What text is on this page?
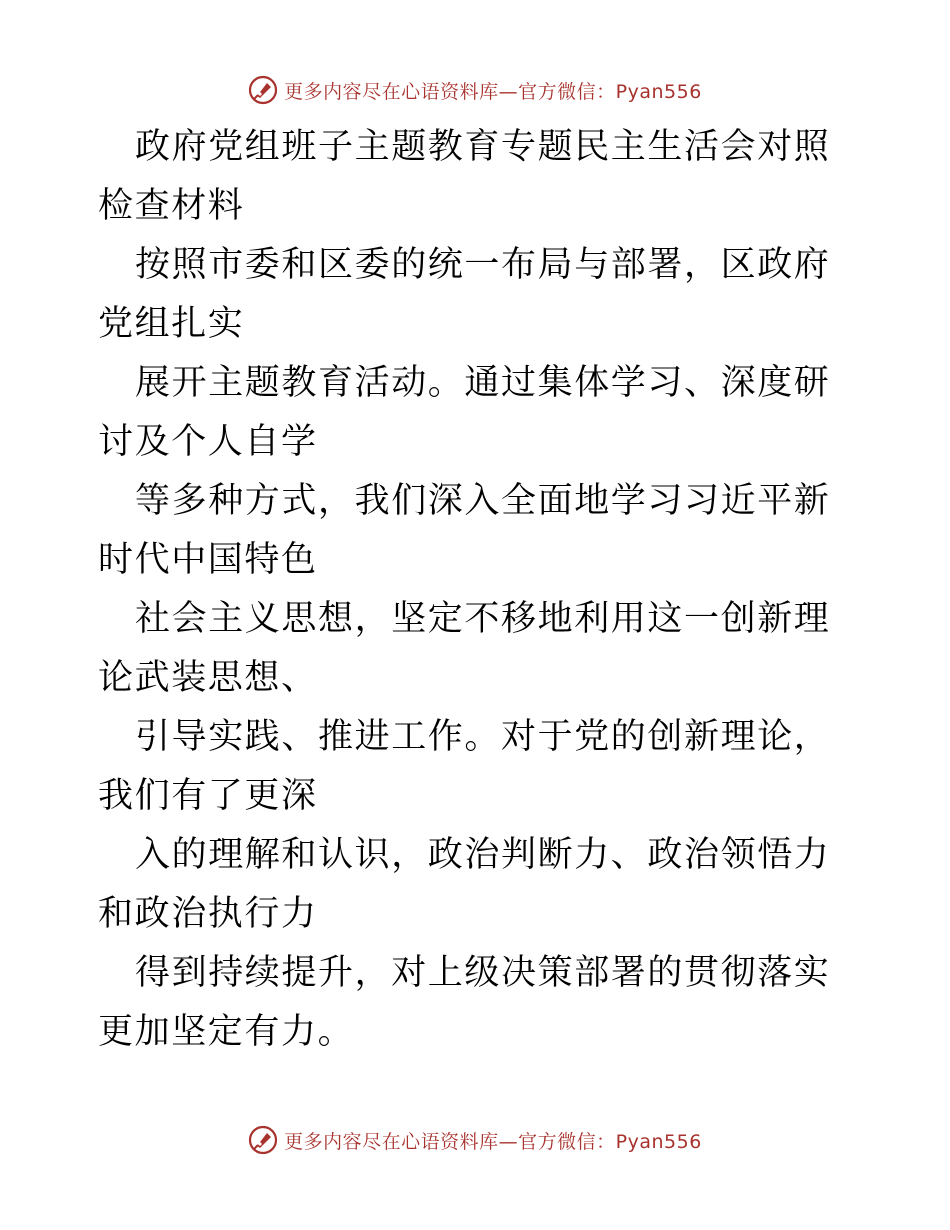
更多内容尽在心语资料库—官方微信：Pyan556

政府党组班子主题教育专题民主生活会对照检查材料

按照市委和区委的统一布局与部署，区政府党组扎实

展开主题教育活动。通过集体学习、深度研讨及个人自学

等多种方式，我们深入全面地学习习近平新时代中国特色

社会主义思想，坚定不移地利用这一创新理论武装思想、

引导实践、推进工作。对于党的创新理论，我们有了更深

入的理解和认识，政治判断力、政治领悟力和政治执行力

得到持续提升，对上级决策部署的贯彻落实更加坚定有力。

更多内容尽在心语资料库—官方微信：Pyan556
